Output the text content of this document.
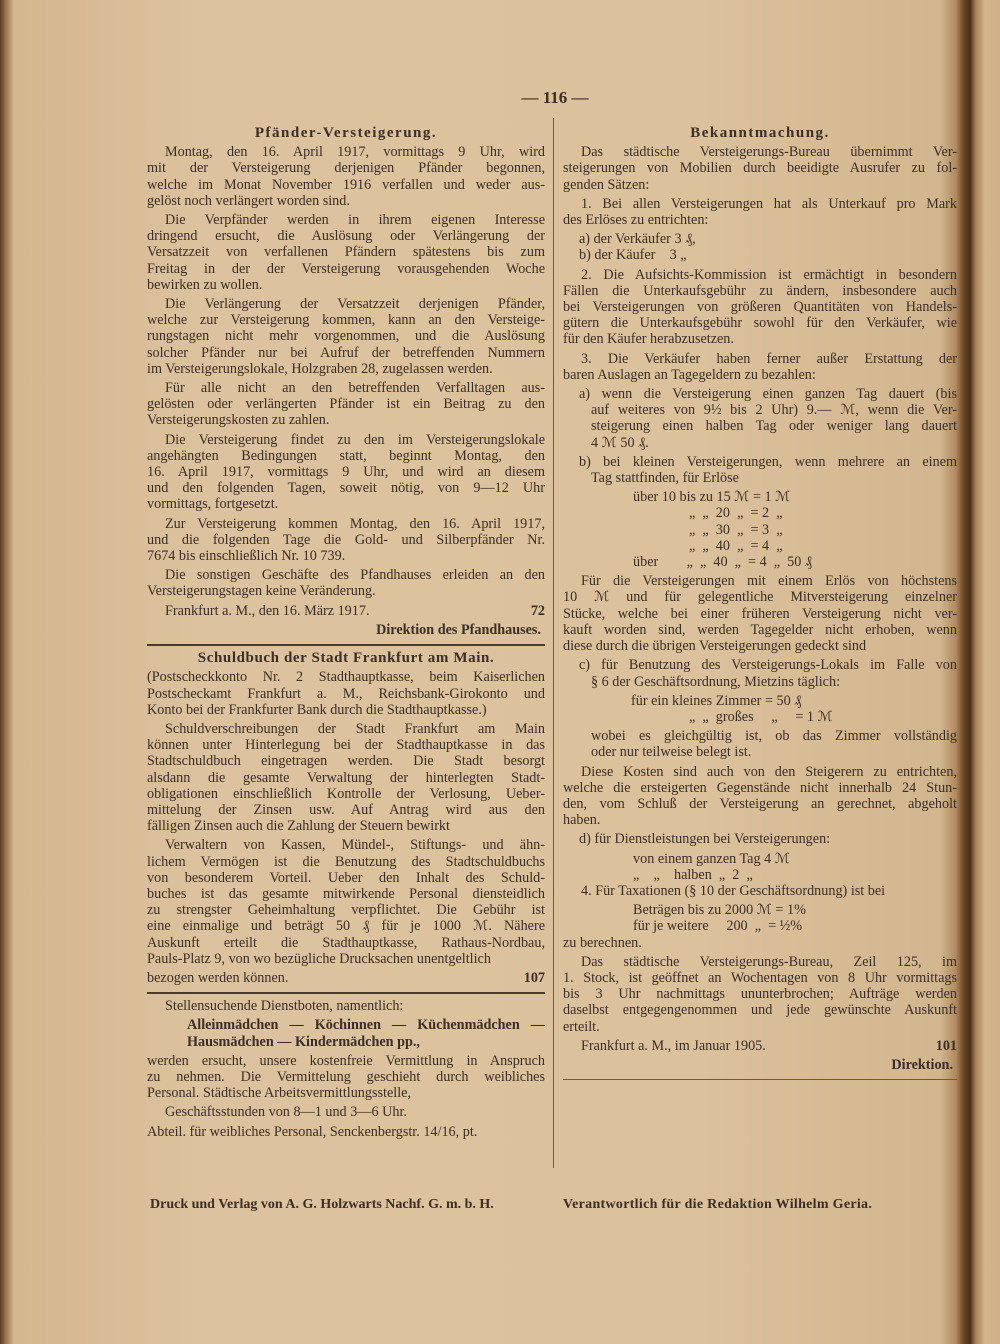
— 116 —
Pfänder-Versteigerung.
Montag, den 16. April 1917, vormittags 9 Uhr, wird
mit der Versteigerung derjenigen Pfänder begonnen,
welche im Monat November 1916 verfallen und weder aus-
gelöst noch verlängert worden sind.
Die Verpfänder werden in ihrem eigenen Interesse
dringend ersucht, die Auslösung oder Verlängerung der
Versatzzeit von verfallenen Pfändern spätestens bis zum
Freitag in der der Versteigerung vorausgehenden Woche
bewirken zu wollen.
Die Verlängerung der Versatzzeit derjenigen Pfänder,
welche zur Versteigerung kommen, kann an den Versteige-
rungstagen nicht mehr vorgenommen, und die Auslösung
solcher Pfänder nur bei Aufruf der betreffenden Nummern
im Versteigerungslokale, Holzgraben 28, zugelassen werden.
Für alle nicht an den betreffenden Verfalltagen aus-
gelösten oder verlängerten Pfänder ist ein Beitrag zu den
Versteigerungskosten zu zahlen.
Die Versteigerung findet zu den im Versteigerungslokale
angehängten Bedingungen statt, beginnt Montag, den
16. April 1917, vormittags 9 Uhr, und wird an diesem
und den folgenden Tagen, soweit nötig, von 9—12 Uhr
vormittags, fortgesetzt.
Zur Versteigerung kommen Montag, den 16. April 1917,
und die folgenden Tage die Gold- und Silberpfänder Nr.
7674 bis einschließlich Nr. 10 739.
Die sonstigen Geschäfte des Pfandhauses erleiden an den
Versteigerungstagen keine Veränderung.
Frankfurt a. M., den 16. März 1917.	72
Direktion des Pfandhauses.
Schuldbuch der Stadt Frankfurt am Main.
(Postscheckkonto Nr. 2 Stadthauptkasse, beim Kaiserlichen
Postscheckamt Frankfurt a. M., Reichsbank-Girokonto und
Konto bei der Frankfurter Bank durch die Stadthauptkasse.)
Schuldverschreibungen der Stadt Frankfurt am Main
können unter Hinterlegung bei der Stadthauptkasse in das
Stadtschuldbuch eingetragen werden. Die Stadt besorgt
alsdann die gesamte Verwaltung der hinterlegten Stadt-
obligationen einschließlich Kontrolle der Verlosung, Ueber-
mittelung der Zinsen usw. Auf Antrag wird aus den
fälligen Zinsen auch die Zahlung der Steuern bewirkt
Verwaltern von Kassen, Mündel-, Stiftungs- und ähn-
lichem Vermögen ist die Benutzung des Stadtschuldbuchs
von besonderem Vorteil. Ueber den Inhalt des Schuld-
buches ist das gesamte mitwirkende Personal diensteidlich
zu strengster Geheimhaltung verpflichtet. Die Gebühr ist
eine einmalige und beträgt 50 ₰ für je 1000 ℳ. Nähere
Auskunft erteilt die Stadthauptkasse, Rathaus-Nordbau,
Pauls-Platz 9, von wo bezügliche Drucksachen unentgeltlich
bezogen werden können.	107
Stellensuchende Dienstboten, namentlich:
Alleinmädchen — Köchinnen — Küchenmädchen —
Hausmädchen — Kindermädchen pp.,
werden ersucht, unsere kostenfreie Vermittlung in Anspruch
zu nehmen. Die Vermittelung geschieht durch weibliches
Personal. Städtische Arbeitsvermittlungsstelle,
Geschäftsstunden von 8—1 und 3—6 Uhr.
Abteil. für weibliches Personal, Senckenbergstr. 14/16, pt.
Bekanntmachung.
Das städtische Versteigerungs-Bureau übernimmt Ver-
steigerungen von Mobilien durch beeidigte Ausrufer zu fol-
genden Sätzen:
1. Bei allen Versteigerungen hat als Unterkauf pro Mark
des Erlöses zu entrichten:
a) der Verkäufer 3 ₰,
b) der Käufer    3 „
2. Die Aufsichts-Kommission ist ermächtigt in besondern
Fällen die Unterkaufsgebühr zu ändern, insbesondere auch
bei Versteigerungen von größeren Quantitäten von Handels-
gütern die Unterkaufsgebühr sowohl für den Verkäufer, wie
für den Käufer herabzusetzen.
3. Die Verkäufer haben ferner außer Erstattung der
baren Auslagen an Tagegeldern zu bezahlen:
a) wenn die Versteigerung einen ganzen Tag dauert (bis
auf weiteres von 9½ bis 2 Uhr) 9.— ℳ, wenn die Ver-
steigerung einen halben Tag oder weniger lang dauert
4 ℳ 50 ₰.
b) bei kleinen Versteigerungen, wenn mehrere an einem
Tag stattfinden, für Erlöse
über 10 bis zu 15 ℳ = 1 ℳ
„  „  20  „  = 2  „
„  „  30  „  = 3  „
„  „  40  „  = 4  „
über        „  „  40  „  = 4  „  50 ₰
Für die Versteigerungen mit einem Erlös von höchstens
10 ℳ und für gelegentliche Mitversteigerung einzelner
Stücke, welche bei einer früheren Versteigerung nicht ver-
kauft worden sind, werden Tagegelder nicht erhoben, wenn
diese durch die übrigen Versteigerungen gedeckt sind
c) für Benutzung des Versteigerungs-Lokals im Falle von
§ 6 der Geschäftsordnung, Mietzins täglich:
für ein kleines Zimmer = 50 ₰
„  „  großes     „     = 1 ℳ
wobei es gleichgültig ist, ob das Zimmer vollständig
oder nur teilweise belegt ist.
Diese Kosten sind auch von den Steigerern zu entrichten,
welche die ersteigerten Gegenstände nicht innerhalb 24 Stun-
den, vom Schluß der Versteigerung an gerechnet, abgeholt
haben.
d) für Dienstleistungen bei Versteigerungen:
von einem ganzen Tag 4 ℳ
„    „    halben  „  2  „
4. Für Taxationen (§ 10 der Geschäftsordnung) ist bei
Beträgen bis zu 2000 ℳ = 1%
für je weitere     200  „  = ½%
zu berechnen.
Das städtische Versteigerungs-Bureau, Zeil 125, im
1. Stock, ist geöffnet an Wochentagen von 8 Uhr vormittags
bis 3 Uhr nachmittags ununterbrochen; Aufträge werden
daselbst entgegengenommen und jede gewünschte Auskunft
erteilt.
Frankfurt a. M., im Januar 1905.	101
Direktion.
Druck und Verlag von A. G. Holzwarts Nachf. G. m. b. H.	Verantwortlich für die Redaktion Wilhelm Geria.
